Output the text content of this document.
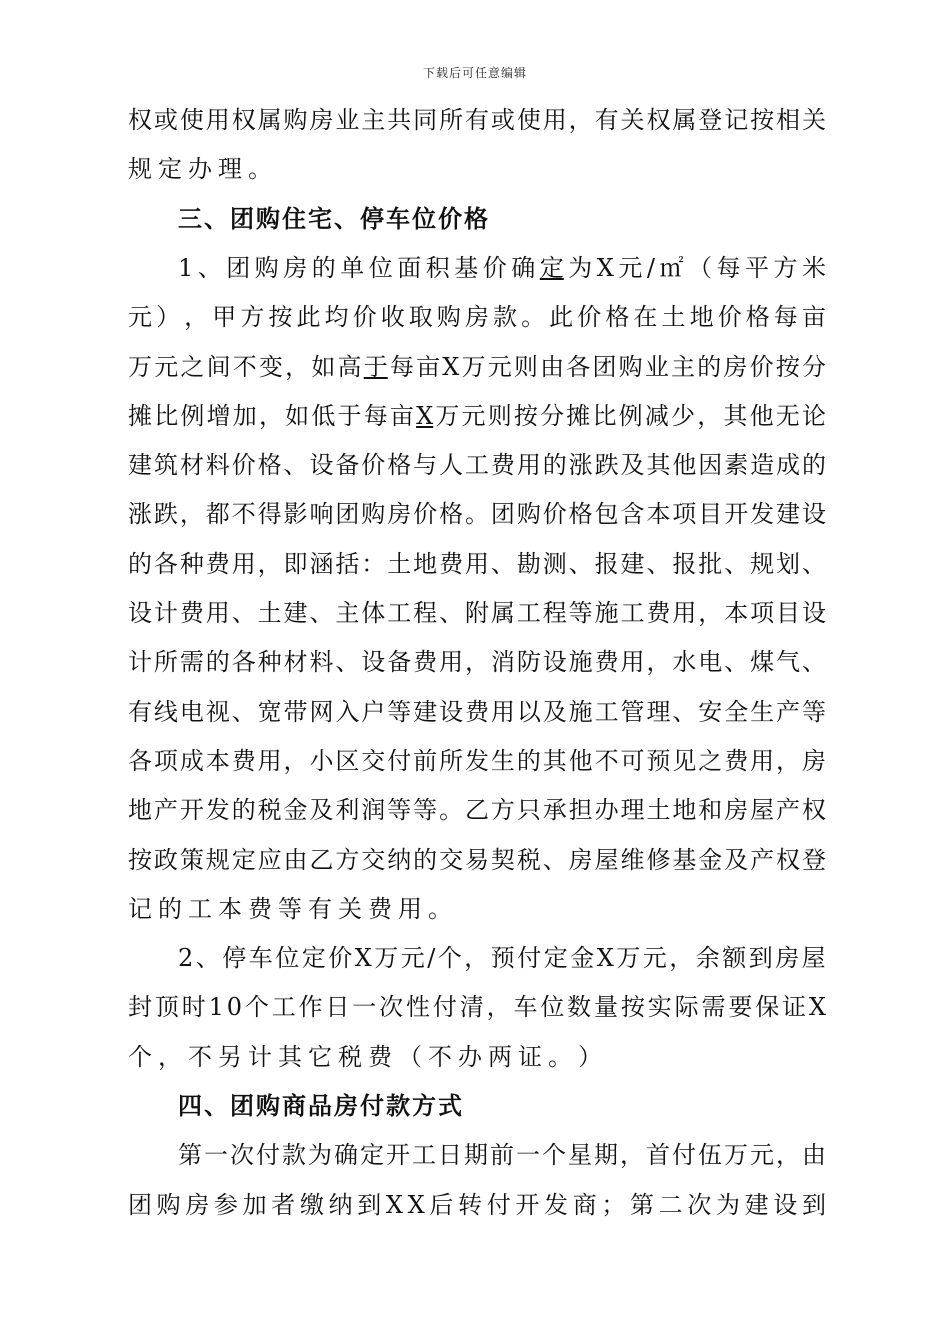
下载后可任意编辑
权 或 使 用 权 属 购 房 业 主 共 同 所 有 或 使 用 ， 有 关 权 属 登 记 按 相 关
规 定 办 理 。
三 、 团 购 住 宅 、 停 车 位 价 格
1 、 团 购 房 的 单 位 面 积 基 价 确 定 为 X 元 / ㎡ （ 每 平 方 米
元 ） ， 甲 方 按 此 均 价 收 取 购 房 款 。 此 价 格 在 土 地 价 格 每 亩
万 元 之 间 不 变 ， 如 高 于 每 亩 X 万 元 则 由 各 团 购 业 主 的 房 价 按 分
摊 比 例 增 加 ， 如 低 于 每 亩 X 万 元 则 按 分 摊 比 例 减 少 ， 其 他 无 论
建 筑 材 料 价 格 、 设 备 价 格 与 人 工 费 用 的 涨 跌 及 其 他 因 素 造 成 的
涨 跌 ， 都 不 得 影 响 团 购 房 价 格 。 团 购 价 格 包 含 本 项 目 开 发 建 设
的 各 种 费 用 ， 即 涵 括 ： 土 地 费 用 、 勘 测 、 报 建 、 报 批 、 规 划 、
设 计 费 用 、 土 建 、 主 体 工 程 、 附 属 工 程 等 施 工 费 用 ， 本 项 目 设
计 所 需 的 各 种 材 料 、 设 备 费 用 ， 消 防 设 施 费 用 ， 水 电 、 煤 气 、
有 线 电 视 、 宽 带 网 入 户 等 建 设 费 用 以 及 施 工 管 理 、 安 全 生 产 等
各 项 成 本 费 用 ， 小 区 交 付 前 所 发 生 的 其 他 不 可 预 见 之 费 用 ， 房
地 产 开 发 的 税 金 及 利 润 等 等 。 乙 方 只 承 担 办 理 土 地 和 房 屋 产 权
按 政 策 规 定 应 由 乙 方 交 纳 的 交 易 契 税 、 房 屋 维 修 基 金 及 产 权 登
记 的 工 本 费 等 有 关 费 用 。
2 、 停 车 位 定 价 X 万 元 / 个 ， 预 付 定 金 X 万 元 ， 余 额 到 房 屋
封 顶 时 1 0 个 工 作 日 一 次 性 付 清 ， 车 位 数 量 按 实 际 需 要 保 证 X
个 ， 不 另 计 其 它 税 费 （ 不 办 两 证 。 ）
四 、 团 购 商 品 房 付 款 方 式
第 一 次 付 款 为 确 定 开 工 日 期 前 一 个 星 期 ， 首 付 伍 万 元 ， 由
团 购 房 参 加 者 缴 纳 到 X X 后 转 付 开 发 商 ； 第 二 次 为 建 设 到
